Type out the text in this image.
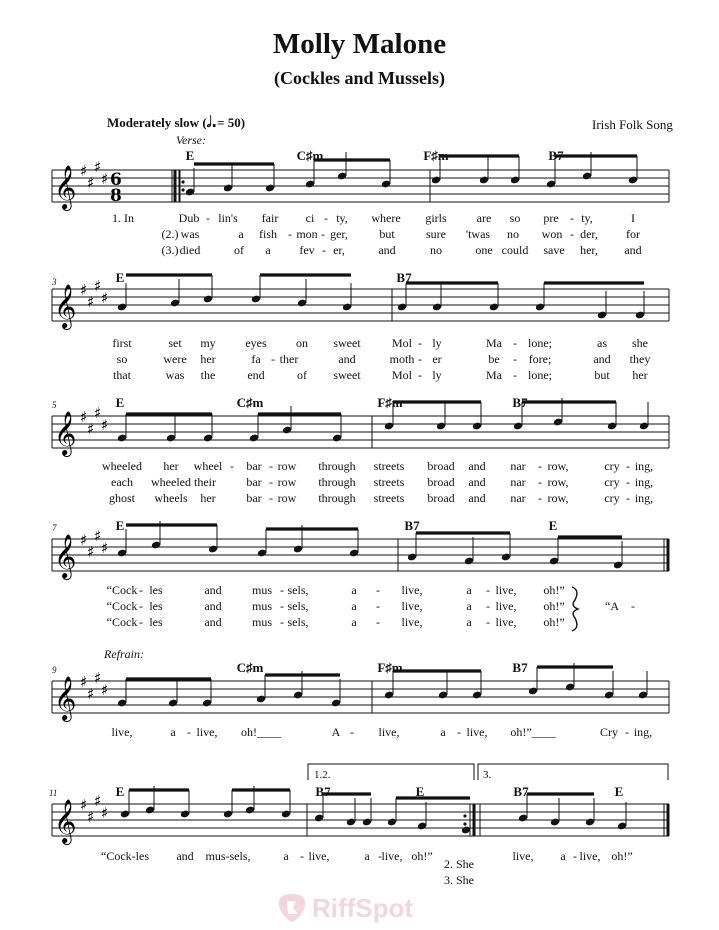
Molly Malone
(Cockles and Mussels)
Moderately slow (𝅗𝅥.= 50)	Irish Folk Song
Verse:
Refrain:
3
5
7
9
11
1.2.	3.
𝄞 ♯
♯
♯
♯
𝄞 ♯
♯
♯
♯
𝄞 ♯
♯
♯
♯
𝄞 ♯
♯
♯
♯
𝄞 ♯
♯
♯
♯
𝄞 ♯
♯
♯
♯
6
8
E	C♯m	F♯m	B7
E	B7
E	C♯m	F♯m	B7
E	B7	E
C♯m	F♯m	B7
E	B7	E	B7	E
1. In	Dub - lin's fair ci - ty, where girls	are so pre - ty,	I
(2.) was	a fish - mon - ger,	but	sure 'twas no won - der, for
(3.) died	of a fev - er,	and	no	one could save her, and
first	set my eyes on sweet	Mol - ly	Ma - lone;	as she
so	were her	fa - ther	and	moth - er	be - fore;	and they
that	was the	end	of sweet	Mol - ly	Ma - lone;	but her
wheeled her wheel - bar - row through streets broad and nar - row,	cry - ing,
each wheeled their	bar - row through streets broad and nar - row,	cry - ing,
ghost wheels her	bar - row through streets broad and nar - row,	cry - ing,
“Cock - les	and	mus - sels,	a - live,	a - live, oh!”
“Cock - les	and	mus - sels,	a - live,	a - live, oh!”	“A -
“Cock - les	and	mus - sels,	a - live,	a - live, oh!”
live,	a - live, oh!____	A - live,	a - live, oh!”____	Cry - ing,
“Cock-les and mus-sels,	a - live,	a - live, oh!”	live, a - live, oh!”
2. She
3. She
RiffSpot
